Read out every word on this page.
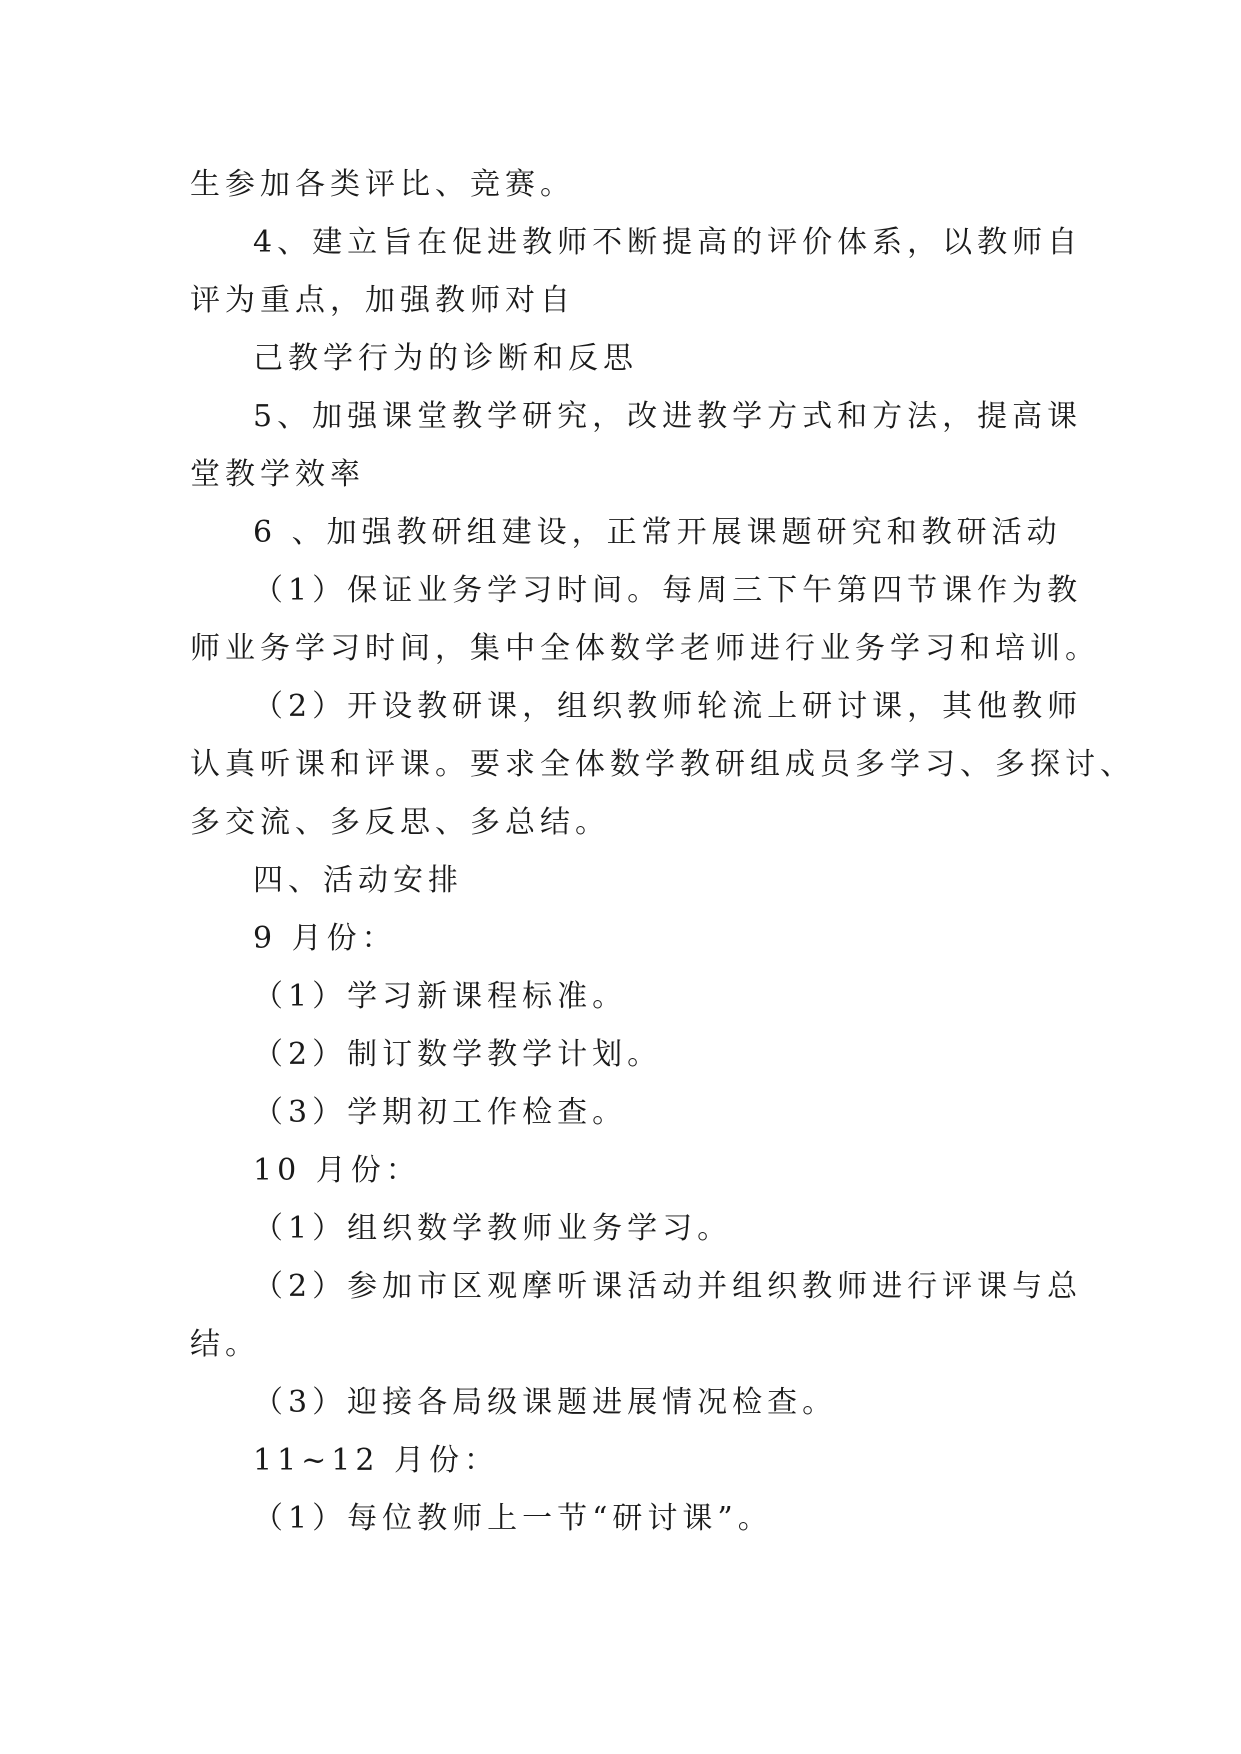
生参加各类评比、竞赛。
4、建立旨在促进教师不断提高的评价体系，以教师自
评为重点，加强教师对自
己教学行为的诊断和反思
5、加强课堂教学研究，改进教学方式和方法，提高课
堂教学效率
6 、加强教研组建设，正常开展课题研究和教研活动
（1）保证业务学习时间。每周三下午第四节课作为教
师业务学习时间，集中全体数学老师进行业务学习和培训。
（2）开设教研课，组织教师轮流上研讨课，其他教师
认真听课和评课。要求全体数学教研组成员多学习、多探讨、
多交流、多反思、多总结。
四、活动安排
9 月份：
（1）学习新课程标准。
（2）制订数学教学计划。
（3）学期初工作检查。
10 月份：
（1）组织数学教师业务学习。
（2）参加市区观摩听课活动并组织教师进行评课与总
结。
（3）迎接各局级课题进展情况检查。
11~12 月份：
（1）每位教师上一节“研讨课”。
